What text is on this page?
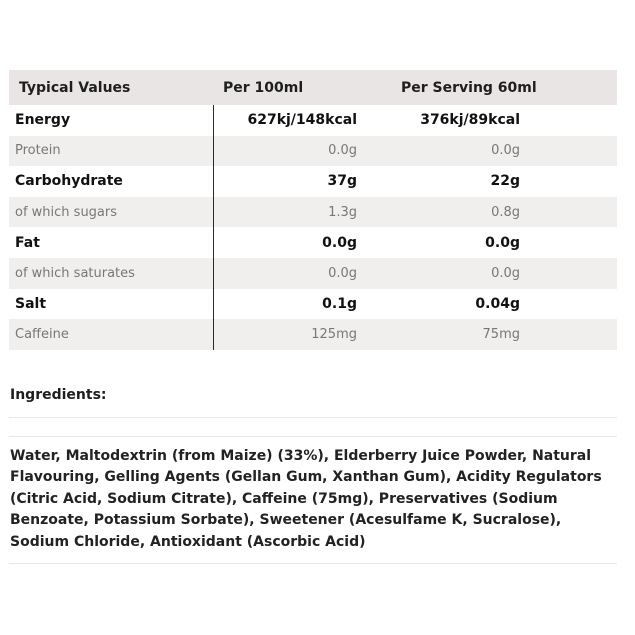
Typical Values	Per 100ml	Per Serving 60ml
Energy	627kj/148kcal	376kj/89kcal
Protein	0.0g	0.0g
Carbohydrate	37g	22g
of which sugars	1.3g	0.8g
Fat	0.0g	0.0g
of which saturates	0.0g	0.0g
Salt	0.1g	0.04g
Caffeine	125mg	75mg
Ingredients:
Water, Maltodextrin (from Maize) (33%), Elderberry Juice Powder, Natural Flavouring, Gelling Agents (Gellan Gum, Xanthan Gum), Acidity Regulators (Citric Acid, Sodium Citrate), Caffeine (75mg), Preservatives (Sodium Benzoate, Potassium Sorbate), Sweetener (Acesulfame K, Sucralose), Sodium Chloride, Antioxidant (Ascorbic Acid)
